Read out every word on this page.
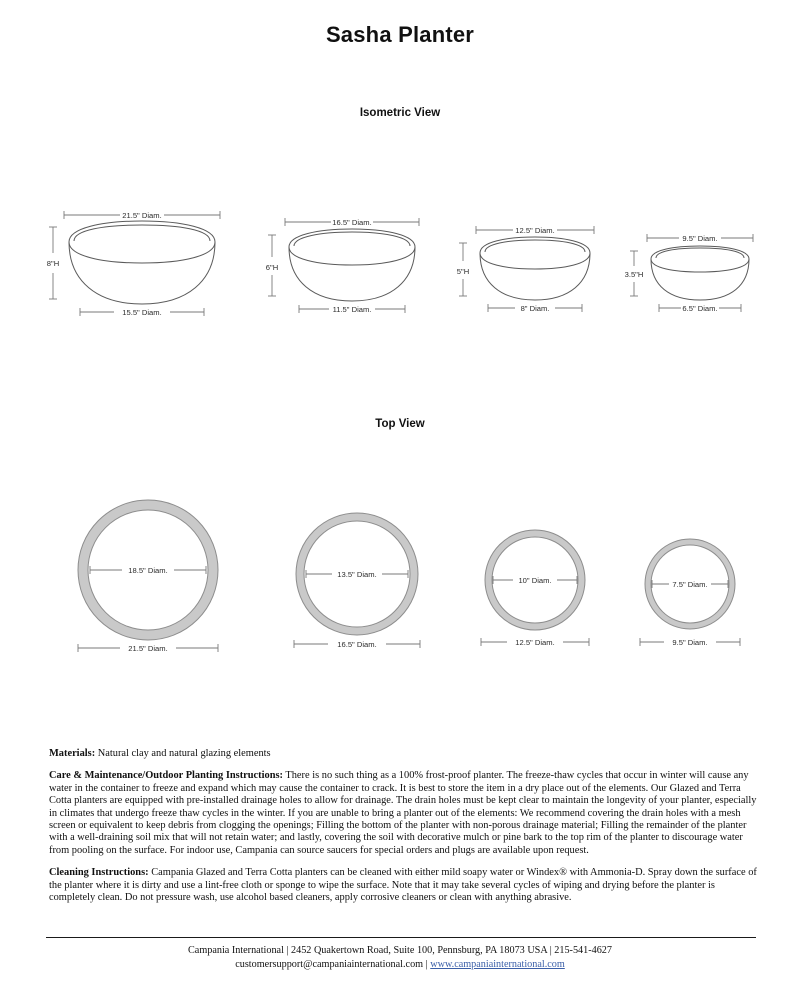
Sasha Planter
Isometric View
21.5" Diam.
15.5" Diam.
8"H
16.5" Diam.
11.5" Diam.
6"H
12.5" Diam.
8" Diam.
5"H
9.5" Diam.
6.5" Diam.
3.5"H
Top View
18.5" Diam.
21.5" Diam.
13.5" Diam.
16.5" Diam.
10" Diam.
12.5" Diam.
7.5" Diam.
9.5" Diam.

Materials: Natural clay and natural glazing elements

Care & Maintenance/Outdoor Planting Instructions: There is no such thing as a 100% frost-proof planter. The freeze-thaw cycles that occur in winter will cause any water in the container to freeze and expand which may cause the container to crack. It is best to store the item in a dry place out of the elements. Our Glazed and Terra Cotta planters are equipped with pre-installed drainage holes to allow for drainage. The drain holes must be kept clear to maintain the longevity of your planter, especially in climates that undergo freeze thaw cycles in the winter. If you are unable to bring a planter out of the elements: We recommend covering the drain holes with a mesh screen or equivalent to keep debris from clogging the openings; Filling the bottom of the planter with non-porous drainage material; Filling the remainder of the planter with a well-draining soil mix that will not retain water; and lastly, covering the soil with decorative mulch or pine bark to the top rim of the planter to discourage water from pooling on the surface. For indoor use, Campania can source saucers for special orders and plugs are available upon request.

Cleaning Instructions: Campania Glazed and Terra Cotta planters can be cleaned with either mild soapy water or Windex® with Ammonia-D. Spray down the surface of the planter where it is dirty and use a lint-free cloth or sponge to wipe the surface. Note that it may take several cycles of wiping and drying before the planter is completely clean. Do not pressure wash, use alcohol based cleaners, apply corrosive cleaners or clean with anything abrasive.

Campania International | 2452 Quakertown Road, Suite 100, Pennsburg, PA 18073 USA | 215-541-4627
customersupport@campaniainternational.com | www.campaniainternational.com
